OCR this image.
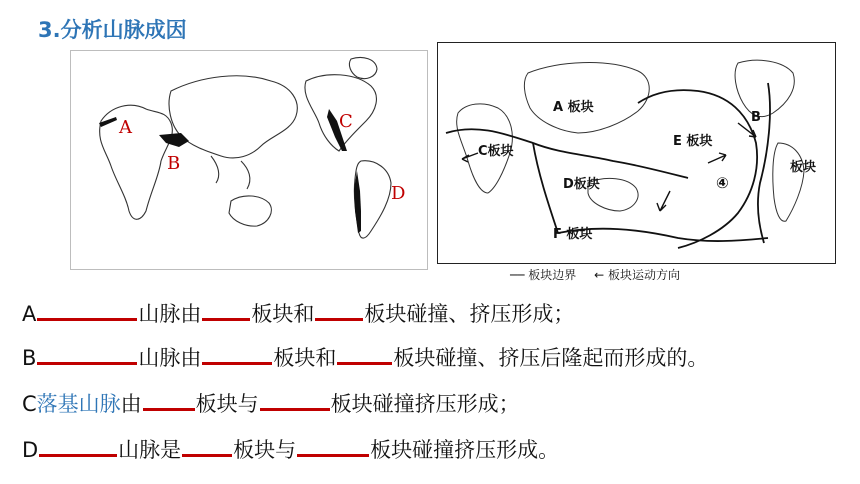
3.分析山脉成因
A
B
C
D
A 板块
B
C板块
D板块
E 板块
F 板块
板块
④
── 板块边界 ← 板块运动方向
A	山脉由 板块和 板块碰撞、挤压形成；
B	山脉由	板块和	板块碰撞、挤压后隆起而形成的。
C落基山脉由	板块与	板块碰撞挤压形成；
D	山脉是 板块与	板块碰撞挤压形成。
